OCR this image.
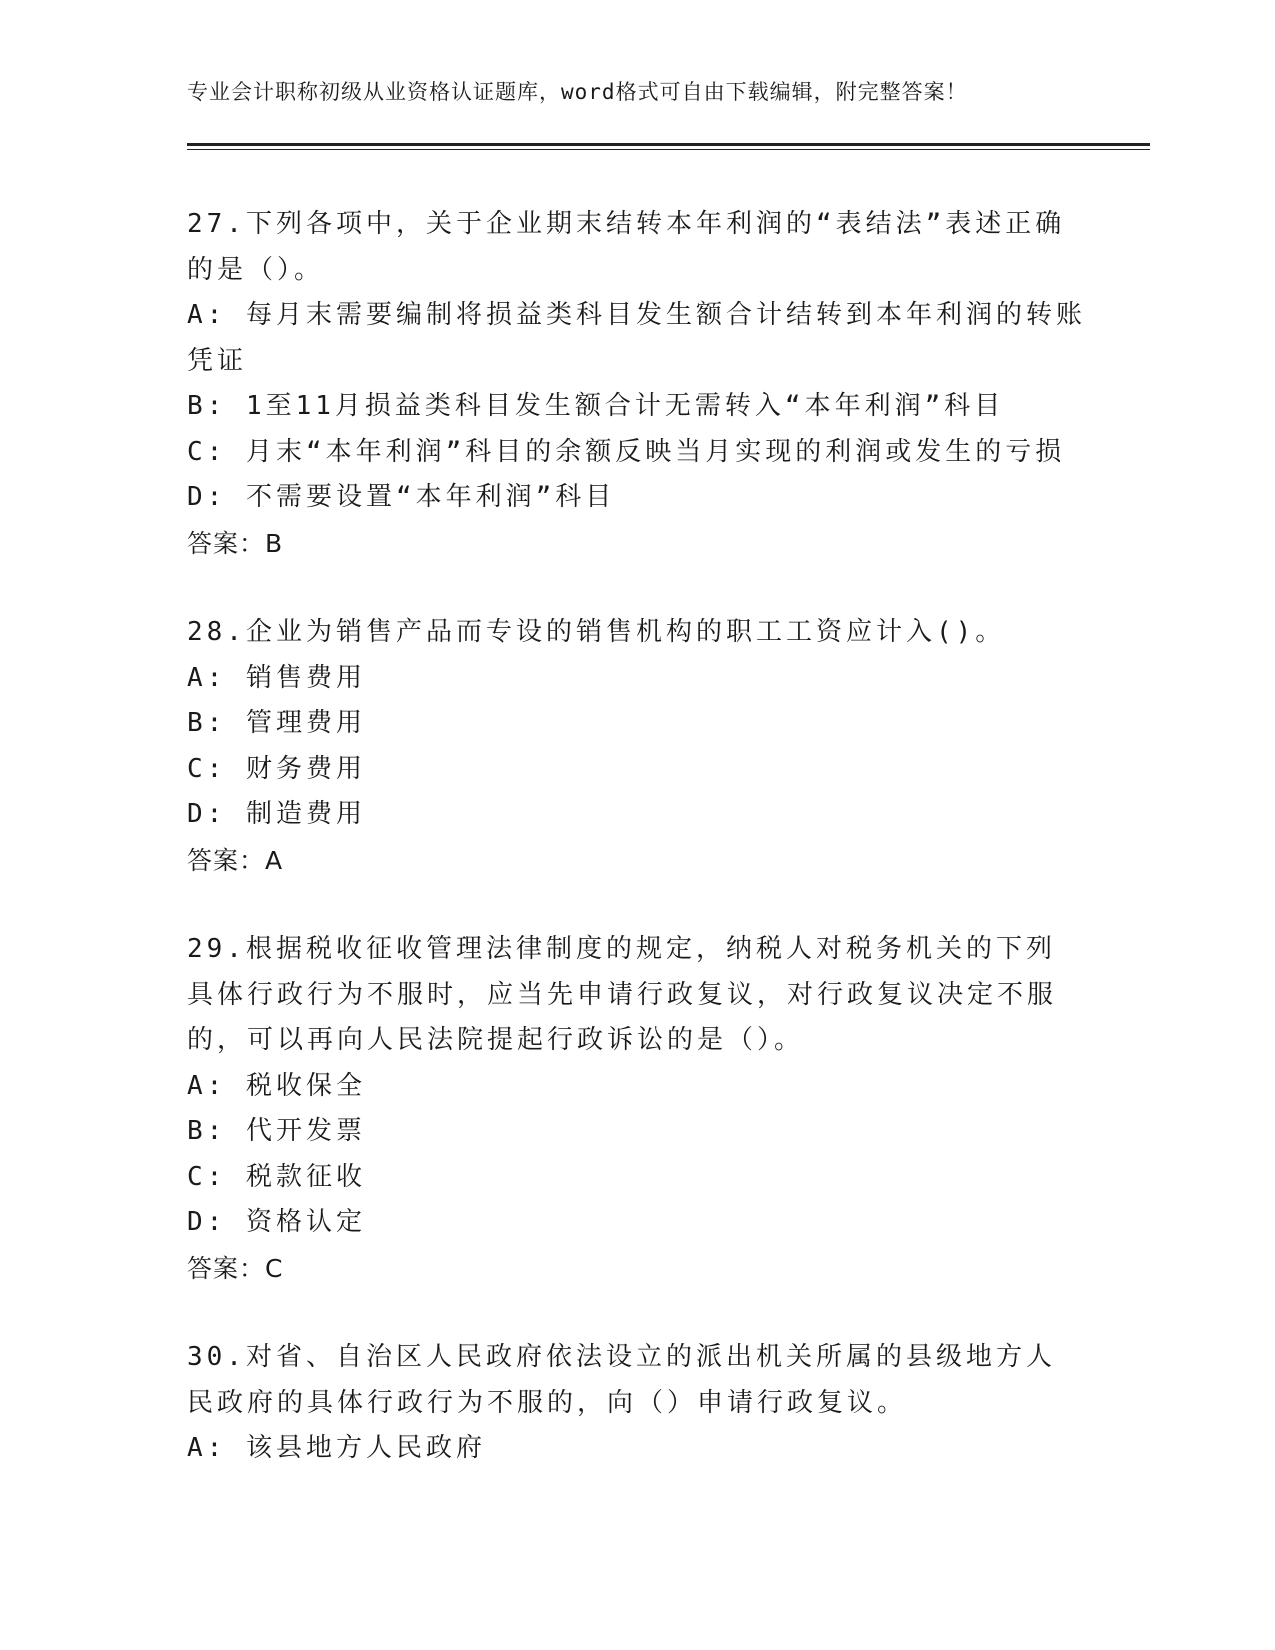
专业会计职称初级从业资格认证题库，word格式可自由下载编辑，附完整答案！
27.下列各项中，关于企业期末结转本年利润的“表结法”表述正确的是（）。
A: 每月末需要编制将损益类科目发生额合计结转到本年利润的转账凭证
B: 1至11月损益类科目发生额合计无需转入“本年利润”科目
C: 月末“本年利润”科目的余额反映当月实现的利润或发生的亏损
D: 不需要设置“本年利润”科目
答案：B
28.企业为销售产品而专设的销售机构的职工工资应计入()。
A: 销售费用
B: 管理费用
C: 财务费用
D: 制造费用
答案：A
29.根据税收征收管理法律制度的规定，纳税人对税务机关的下列具体行政行为不服时，应当先申请行政复议，对行政复议决定不服的，可以再向人民法院提起行政诉讼的是（）。
A: 税收保全
B: 代开发票
C: 税款征收
D: 资格认定
答案：C
30.对省、自治区人民政府依法设立的派出机关所属的县级地方人民政府的具体行政行为不服的，向（）申请行政复议。
A: 该县地方人民政府
